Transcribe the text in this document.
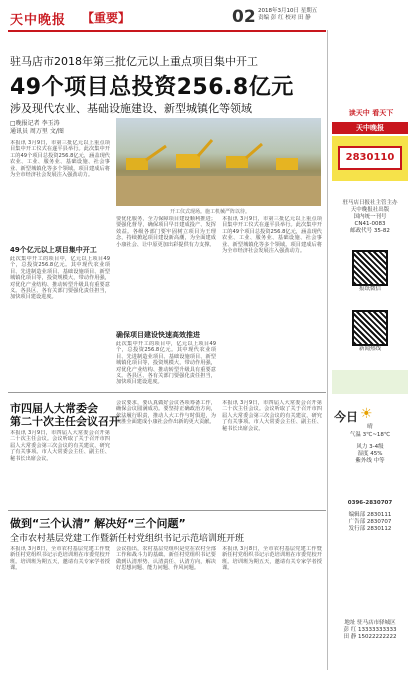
天中晚报 【重要】	02 2018年3月10日 星期五
责编 彭 红 校对 田 静
驻马店市2018年第三批亿元以上重点项目集中开工
49个项目总投资256.8亿元
涉及现代农业、基础设施建设、新型城镇化等领域
□晚报记者 李玉涛
通讯员 周万里 文/图
本报讯 3月9日，市第三批亿元以上重点项目集中开工仪式在遂平县举行。此次集中开工的49个项目总投资256.8亿元，涵盖现代农业、工业、服务业、基础设施、社会事业、新型城镇化等多个领域。项目建成后将为全市经济社会发展注入强劲动力。
49个亿元以上项目集中开工
此次集中开工的项目中，亿元以上项目49个，总投资256.8亿元。其中现代农业项目、先进制造业项目、基础设施项目、新型城镇化项目等，投资规模大，带动作用强，对优化产业结构、推动转型升级具有重要意义。各县区、各有关部门要强化责任担当，加快项目建设进度。
开工仪式现场。施工机械严阵以待。
要优化服务，全力保障项目建设顺利推进；要强化督导，确保项目早日建成投产、发挥效益。各级各部门要牢固树立项目为王理念，持续掀起项目建设新高潮，为全面建成小康社会、让中原更加出彩提供有力支撑。
确保项目建设快速高效推进
此次集中开工的项目中，亿元以上项目49个，总投资256.8亿元。其中现代农业项目、先进制造业项目、基础设施项目、新型城镇化项目等，投资规模大，带动作用强，对优化产业结构、推动转型升级具有重要意义。各县区、各有关部门要强化责任担当，加快项目建设进度。
本报讯 3月9日，市第三批亿元以上重点项目集中开工仪式在遂平县举行。此次集中开工的49个项目总投资256.8亿元，涵盖现代农业、工业、服务业、基础设施、社会事业、新型城镇化等多个领域。项目建成后将为全市经济社会发展注入强劲动力。
市四届人大常委会
第二十次主任会议召开
本报讯 3月9日，市四届人大常委会召开第二十次主任会议。会议听取了关于召开市四届人大常委会第三次会议的有关建议，研究了有关事项。市人大常委会主任、副主任、秘书长出席会议。
会议要求，要认真做好会议各项筹备工作，确保会议圆满成功。要坚持正确政治方向，依法履行职责，推动人大工作与时俱进，为决胜全面建成小康社会作出新的更大贡献。
本报讯 3月9日，市四届人大常委会召开第二十次主任会议。会议听取了关于召开市四届人大常委会第三次会议的有关建议，研究了有关事项。市人大常委会主任、副主任、秘书长出席会议。
做到“三个认清” 解决好“三个问题”
全市农村基层党建工作暨新任村党组织书记示范培训班开班
本报讯 3月8日，全市农村基层党建工作暨新任村党组织书记示范培训班在市委党校开班。培训班为期五天，邀请有关专家学者授课。
会议指出，农村基层党组织是党在农村全部工作和战斗力的基础。新任村党组织书记要做到认清形势、认清责任、认清方向，解决好思想问题、能力问题、作风问题。
本报讯 3月8日，全市农村基层党建工作暨新任村党组织书记示范培训班在市委党校开班。培训班为期五天，邀请有关专家学者授课。
读天中 看天下
天中晚报
2830110
驻马店日报社主管主办
天中晚报社出版
国内统一刊号
CN41-0083
邮政代号 35-82
报纸微信
新闻热线
今日 ☀
晴
气温 3℃~18℃
风力 3-4级
湿度 45%
紫外线 中等
0396-2830707
编辑部 2830111
广告部 2830707
发行部 2830112
地址 驻马店市驿城区
彭 红 13333333333
田 静 15022222222
